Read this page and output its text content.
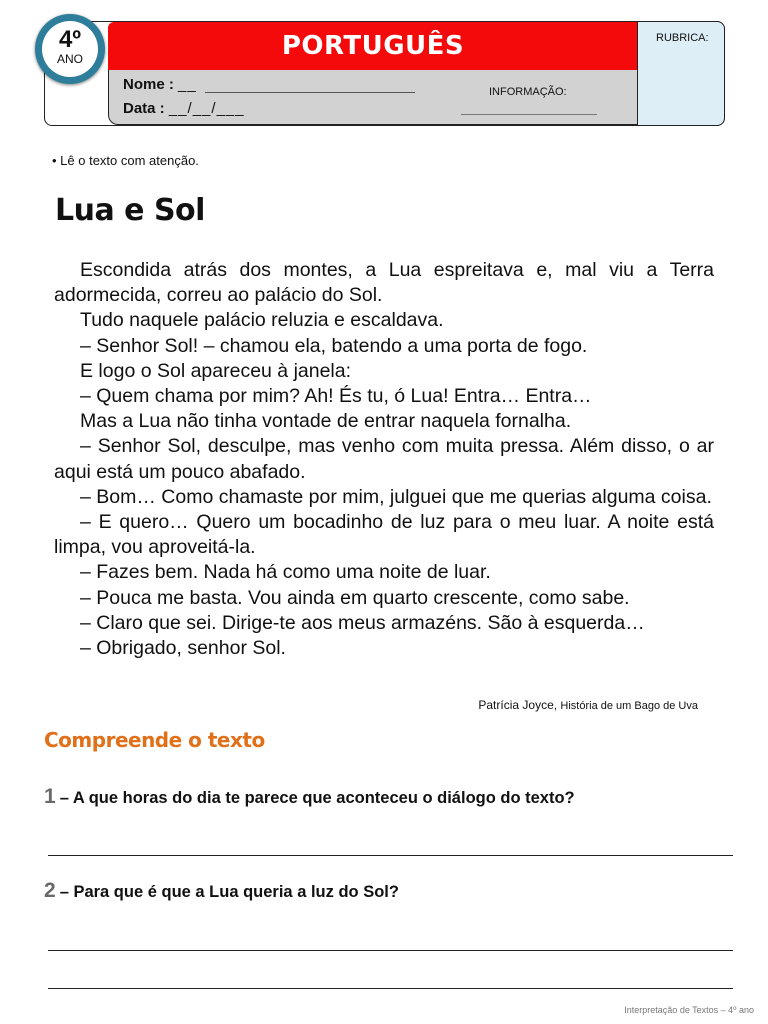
PORTUGUÊS
Nome : __
Data : __/__/___
INFORMAÇÃO:
RUBRICA:
4º
ANO
• Lê o texto com atenção.
Lua e Sol

Escondida atrás dos montes, a Lua espreitava e, mal viu a Terra adormecida, correu ao palácio do Sol.

Tudo naquele palácio reluzia e escaldava.

– Senhor Sol! – chamou ela, batendo a uma porta de fogo.

E logo o Sol apareceu à janela:

– Quem chama por mim? Ah! És tu, ó Lua! Entra… Entra…

Mas a Lua não tinha vontade de entrar naquela fornalha.

– Senhor Sol, desculpe, mas venho com muita pressa. Além disso, o ar aqui está um pouco abafado.

– Bom… Como chamaste por mim, julguei que me querias alguma coisa.

– E quero… Quero um bocadinho de luz para o meu luar. A noite está limpa, vou aproveitá-la.

– Fazes bem. Nada há como uma noite de luar.

– Pouca me basta. Vou ainda em quarto crescente, como sabe.

– Claro que sei. Dirige-te aos meus armazéns. São à esquerda…

– Obrigado, senhor Sol.

Patrícia Joyce, História de um Bago de Uva
Compreende o texto
1 – A que horas do dia te parece que aconteceu o diálogo do texto?
2 – Para que é que a Lua queria a luz do Sol?
Interpretação de Textos – 4º ano
